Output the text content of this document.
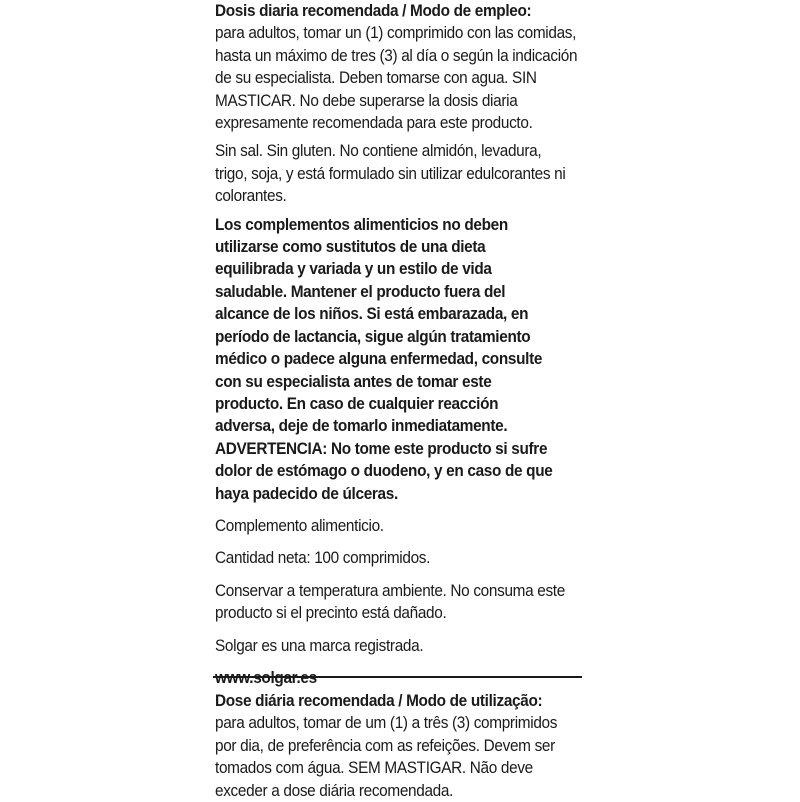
Dosis diaria recomendada / Modo de empleo:
para adultos, tomar un (1) comprimido con las comidas,
hasta un máximo de tres (3) al día o según la indicación
de su especialista. Deben tomarse con agua. SIN
MASTICAR. No debe superarse la dosis diaria
expresamente recomendada para este producto.
Sin sal. Sin gluten. No contiene almidón, levadura,
trigo, soja, y está formulado sin utilizar edulcorantes ni
colorantes.
Los complementos alimenticios no deben
utilizarse como sustitutos de una dieta
equilibrada y variada y un estilo de vida
saludable. Mantener el producto fuera del
alcance de los niños. Si está embarazada, en
período de lactancia, sigue algún tratamiento
médico o padece alguna enfermedad, consulte
con su especialista antes de tomar este
producto. En caso de cualquier reacción
adversa, deje de tomarlo inmediatamente.
ADVERTENCIA: No tome este producto si sufre
dolor de estómago o duodeno, y en caso de que
haya padecido de úlceras.
Complemento alimenticio.
Cantidad neta: 100 comprimidos.
Conservar a temperatura ambiente. No consuma este
producto si el precinto está dañado.
Solgar es una marca registrada.
Dose diária recomendada / Modo de utilização:
para adultos, tomar de um (1) a três (3) comprimidos
por dia, de preferência com as refeições. Devem ser
tomados com água. SEM MASTIGAR. Não deve
exceder a dose diária recomendada.
